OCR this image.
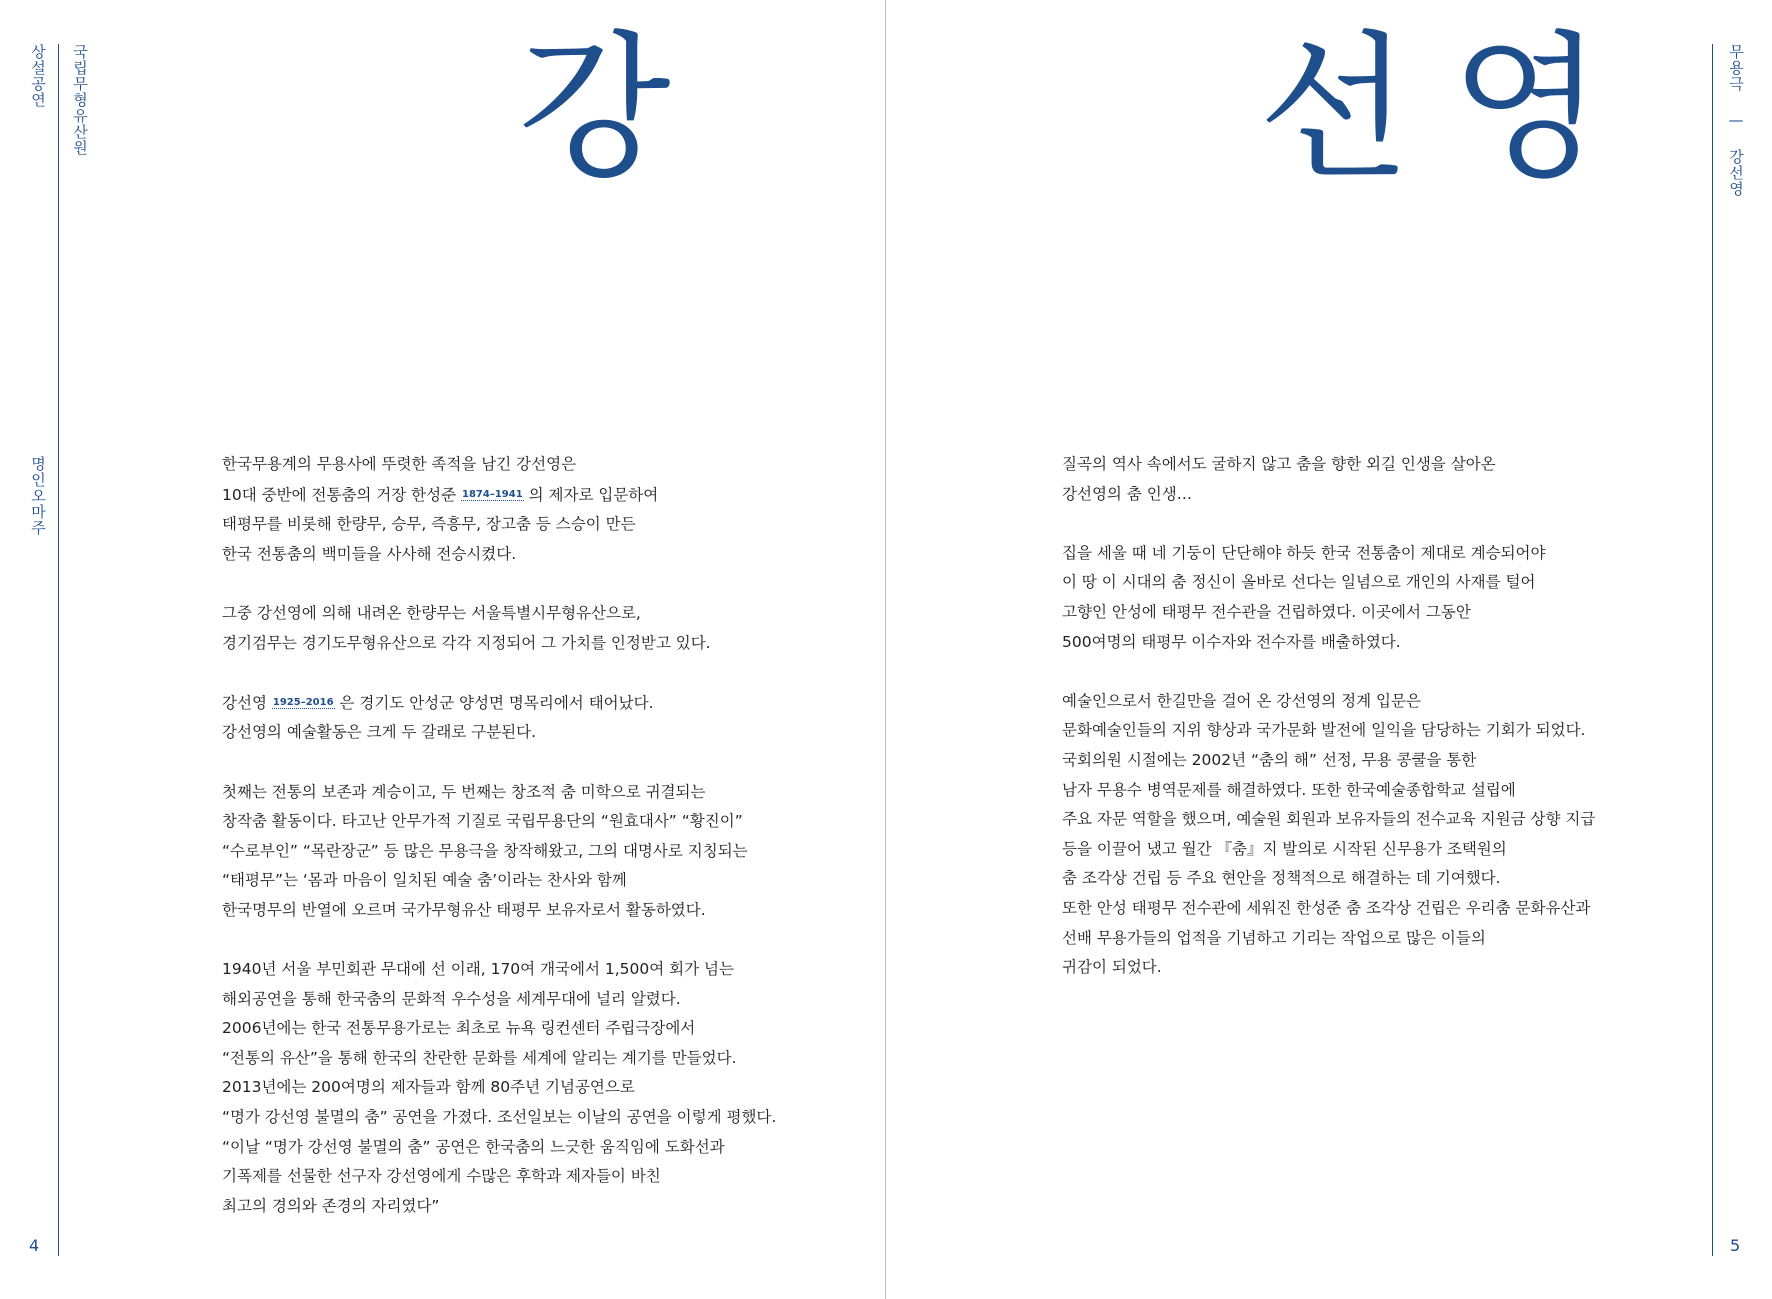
상설공연 국립무형유산원
명인오마주
4
강

한국무용계의 무용사에 뚜렷한 족적을 남긴 강선영은
10대 중반에 전통춤의 거장 한성준 1874–1941 의 제자로 입문하여
태평무를 비롯해 한량무, 승무, 즉흥무, 장고춤 등 스승이 만든
한국 전통춤의 백미들을 사사해 전승시켰다.

그중 강선영에 의해 내려온 한량무는 서울특별시무형유산으로,
경기검무는 경기도무형유산으로 각각 지정되어 그 가치를 인정받고 있다.

강선영 1925–2016 은 경기도 안성군 양성면 명목리에서 태어났다.
강선영의 예술활동은 크게 두 갈래로 구분된다.

첫째는 전통의 보존과 계승이고, 두 번째는 창조적 춤 미학으로 귀결되는
창작춤 활동이다. 타고난 안무가적 기질로 국립무용단의 “원효대사” “황진이”
“수로부인” “목란장군” 등 많은 무용극을 창작해왔고, 그의 대명사로 지칭되는
“태평무”는 ‘몸과 마음이 일치된 예술 춤’이라는 찬사와 함께
한국명무의 반열에 오르며 국가무형유산 태평무 보유자로서 활동하였다.

1940년 서울 부민회관 무대에 선 이래, 170여 개국에서 1,500여 회가 넘는
해외공연을 통해 한국춤의 문화적 우수성을 세계무대에 널리 알렸다.
2006년에는 한국 전통무용가로는 최초로 뉴욕 링컨센터 주립극장에서
“전통의 유산”을 통해 한국의 찬란한 문화를 세계에 알리는 계기를 만들었다.
2013년에는 200여명의 제자들과 함께 80주년 기념공연으로
“명가 강선영 불멸의 춤” 공연을 가졌다. 조선일보는 이날의 공연을 이렇게 평했다.
“이날 “명가 강선영 불멸의 춤” 공연은 한국춤의 느긋한 움직임에 도화선과
기폭제를 선물한 선구자 강선영에게 수많은 후학과 제자들이 바친
최고의 경의와 존경의 자리였다”

무용극 — 강선영
5
선영

질곡의 역사 속에서도 굴하지 않고 춤을 향한 외길 인생을 살아온
강선영의 춤 인생…

집을 세울 때 네 기둥이 단단해야 하듯 한국 전통춤이 제대로 계승되어야
이 땅 이 시대의 춤 정신이 올바로 선다는 일념으로 개인의 사재를 털어
고향인 안성에 태평무 전수관을 건립하였다. 이곳에서 그동안
500여명의 태평무 이수자와 전수자를 배출하였다.

예술인으로서 한길만을 걸어 온 강선영의 정계 입문은
문화예술인들의 지위 향상과 국가문화 발전에 일익을 담당하는 기회가 되었다.
국회의원 시절에는 2002년 “춤의 해” 선정, 무용 콩쿨을 통한
남자 무용수 병역문제를 해결하였다. 또한 한국예술종합학교 설립에
주요 자문 역할을 했으며, 예술원 회원과 보유자들의 전수교육 지원금 상향 지급
등을 이끌어 냈고 월간 『춤』지 발의로 시작된 신무용가 조택원의
춤 조각상 건립 등 주요 현안을 정책적으로 해결하는 데 기여했다.
또한 안성 태평무 전수관에 세워진 한성준 춤 조각상 건립은 우리춤 문화유산과
선배 무용가들의 업적을 기념하고 기리는 작업으로 많은 이들의
귀감이 되었다.
